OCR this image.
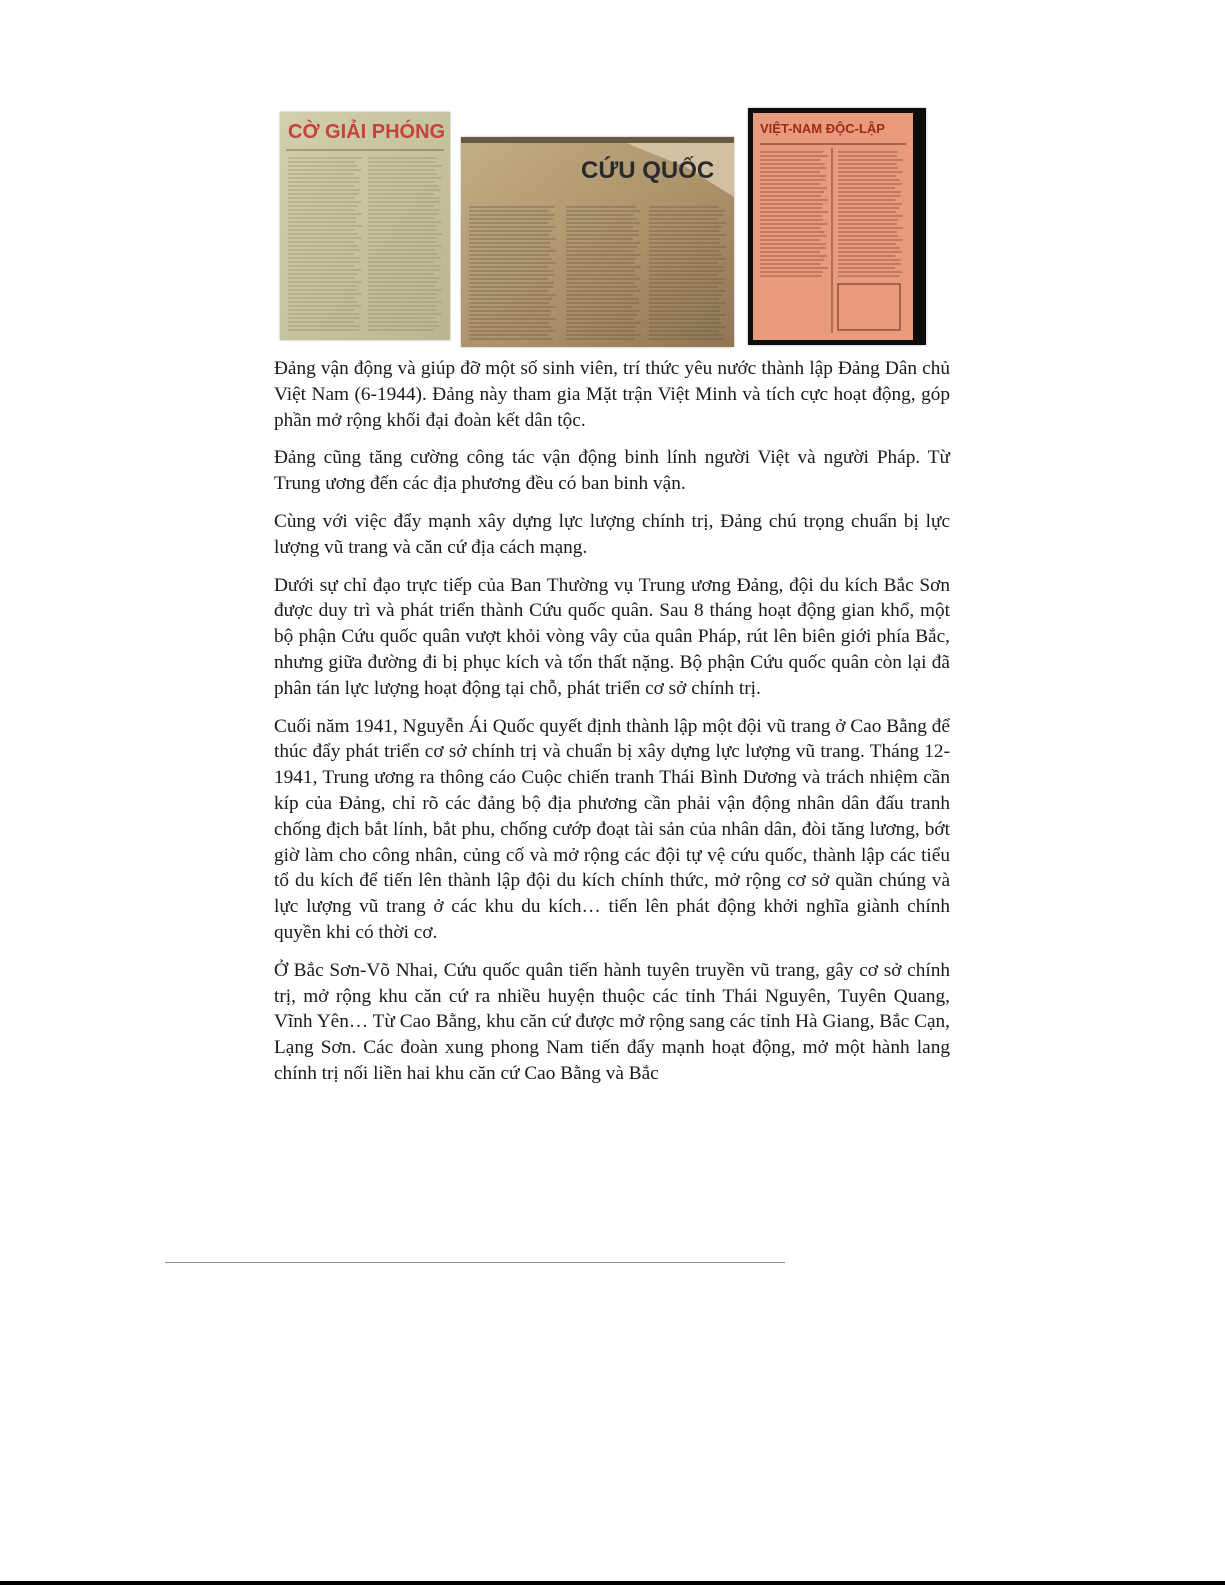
CỜ GIẢI PHÓNG
CỨU QUỐC
VIỆT-NAM ĐỘC-LẬP

Đảng vận động và giúp đỡ một số sinh viên, trí thức yêu nước thành lập Đảng Dân chủ Việt Nam (6-1944). Đảng này tham gia Mặt trận Việt Minh và tích cực hoạt động, góp phần mở rộng khối đại đoàn kết dân tộc.

Đảng cũng tăng cường công tác vận động binh lính người Việt và người Pháp. Từ Trung ương đến các địa phương đều có ban binh vận.

Cùng với việc đẩy mạnh xây dựng lực lượng chính trị, Đảng chú trọng chuẩn bị lực lượng vũ trang và căn cứ địa cách mạng.

Dưới sự chỉ đạo trực tiếp của Ban Thường vụ Trung ương Đảng, đội du kích Bắc Sơn được duy trì và phát triển thành Cứu quốc quân. Sau 8 tháng hoạt động gian khổ, một bộ phận Cứu quốc quân vượt khỏi vòng vây của quân Pháp, rút lên biên giới phía Bắc, nhưng giữa đường đi bị phục kích và tổn thất nặng. Bộ phận Cứu quốc quân còn lại đã phân tán lực lượng hoạt động tại chỗ, phát triển cơ sở chính trị.

Cuối năm 1941, Nguyễn Ái Quốc quyết định thành lập một đội vũ trang ở Cao Bằng để thúc đẩy phát triển cơ sở chính trị và chuẩn bị xây dựng lực lượng vũ trang. Tháng 12- 1941, Trung ương ra thông cáo Cuộc chiến tranh Thái Bình Dương và trách nhiệm cần kíp của Đảng, chỉ rõ các đảng bộ địa phương cần phải vận động nhân dân đấu tranh chống địch bắt lính, bắt phu, chống cướp đoạt tài sản của nhân dân, đòi tăng lương, bớt giờ làm cho công nhân, củng cố và mở rộng các đội tự vệ cứu quốc, thành lập các tiểu tổ du kích để tiến lên thành lập đội du kích chính thức, mở rộng cơ sở quần chúng và lực lượng vũ trang ở các khu du kích… tiến lên phát động khởi nghĩa giành chính quyền khi có thời cơ.

Ở Bắc Sơn-Võ Nhai, Cứu quốc quân tiến hành tuyên truyền vũ trang, gây cơ sở chính trị, mở rộng khu căn cứ ra nhiều huyện thuộc các tỉnh Thái Nguyên, Tuyên Quang, Vĩnh Yên… Từ Cao Bằng, khu căn cứ được mở rộng sang các tỉnh Hà Giang, Bắc Cạn, Lạng Sơn. Các đoàn xung phong Nam tiến đẩy mạnh hoạt động, mở một hành lang chính trị nối liền hai khu căn cứ Cao Bằng và Bắc
